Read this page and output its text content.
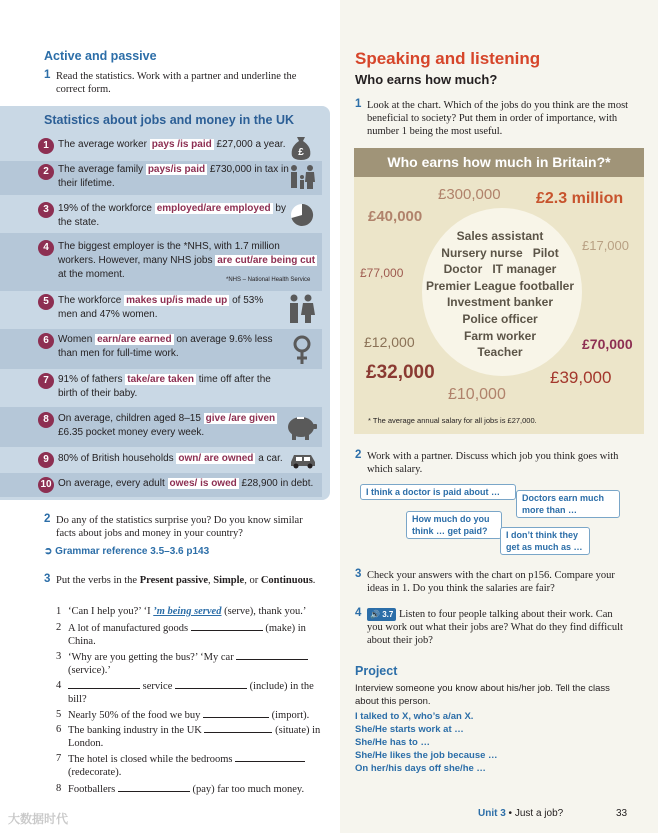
Active and passive
1 Read the statistics. Work with a partner and underline the correct form.
Statistics about jobs and money in the UK
1 The average worker pays /is paid £27,000 a year.
£
2 The average family pays/is paid £730,000 in tax in their lifetime.
3 19% of the workforce employed/are employed by the state.
4 The biggest employer is the *NHS, with 1.7 million workers. However, many NHS jobs are cut/are being cut at the moment.	*NHS – National Health Service
5 The workforce makes up/is made up of 53% men and 47% women.
6 Women earn/are earned on average 9.6% less than men for full-time work.
7 91% of fathers take/are taken time off after the birth of their baby.
8 On average, children aged 8–15 give /are given £6.35 pocket money every week.
9 80% of British households own/ are owned a car.
10 On average, every adult owes/ is owed £28,900 in debt.
2 Do any of the statistics surprise you? Do you know similar facts about jobs and money in your country?
➲ Grammar reference 3.5–3.6 p143
3 Put the verbs in the Present passive, Simple, or Continuous.
1 ‘Can I help you?’ ‘I ’m being served (serve), thank you.’
2 A lot of manufactured goods	(make) in China.
3 ‘Why are you getting the bus?’ ‘My car  (service).’
4	service	(include) in the bill?
5 Nearly 50% of the food we buy	(import).
6 The banking industry in the UK	(situate) in London.
7 The hotel is closed while the bedrooms  (redecorate).
8 Footballers	(pay) far too much money.
Speaking and listening
Who earns how much?
1 Look at the chart. Which of the jobs do you think are the most beneficial to society? Put them in order of importance, with number 1 being the most useful.
Who earns how much in Britain?*
£300,000 £2.3 million
£40,000
£17,000
£77,000
£12,000	£70,000
£32,000	£39,000
£10,000
Sales assistant
Nursery nurse Pilot
Doctor IT manager
Premier League footballer
Investment banker
Police officer
Farm worker
Teacher
* The average annual salary for all jobs is £27,000.
2 Work with a partner. Discuss which job you think goes with which salary.
I think a doctor is paid about …
Doctors earn much more than …
How much do you think … get paid?	I don’t think they get as much as …
3 Check your answers with the chart on p156. Compare your ideas in 1. Do you think the salaries are fair?
4	🔊 3.7 Listen to four people talking about their work. Can you work out what their jobs are? What do they find difficult about their job?
Project
Interview someone you know about his/her job. Tell the class about this person.
I talked to X, who’s a/an X.
She/He starts work at …
She/He has to …
She/He likes the job because …
On her/his days off she/he …
Unit 3 • Just a job?	33
大数据时代
